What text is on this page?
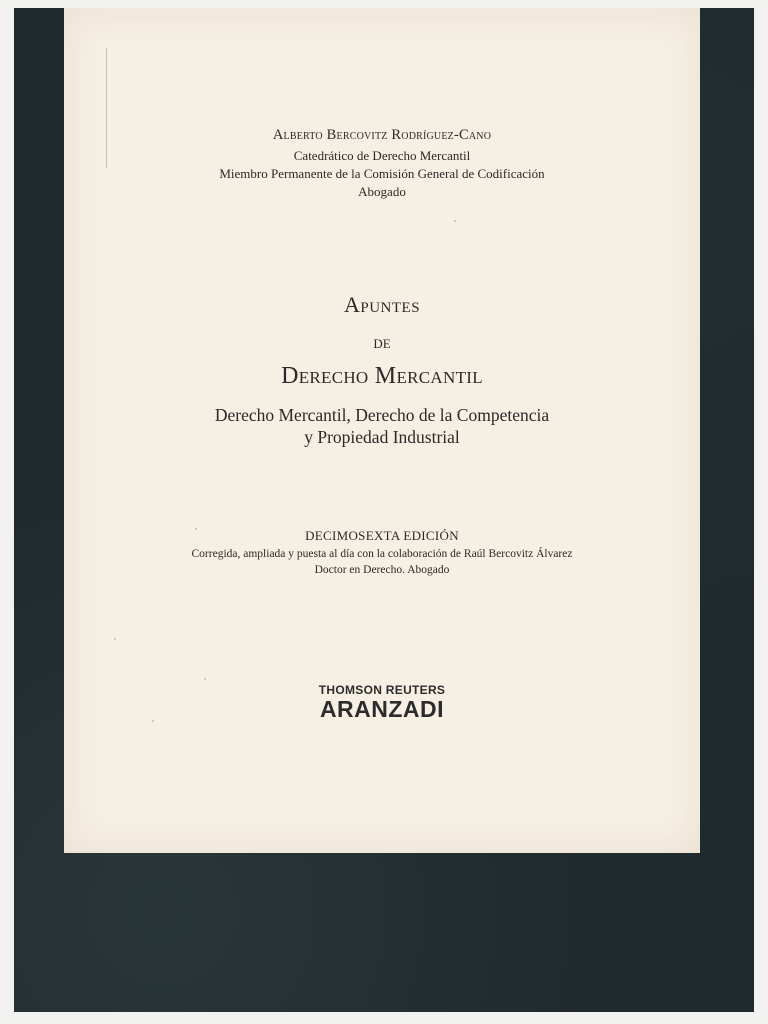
Alberto Bercovitz Rodríguez-Cano
Catedrático de Derecho Mercantil
Miembro Permanente de la Comisión General de Codificación
Abogado
Apuntes
de
Derecho Mercantil
Derecho Mercantil, Derecho de la Competencia
y Propiedad Industrial
DECIMOSEXTA EDICIÓN
Corregida, ampliada y puesta al día con la colaboración de Raúl Bercovitz Álvarez
Doctor en Derecho. Abogado
THOMSON REUTERS
ARANZADI
